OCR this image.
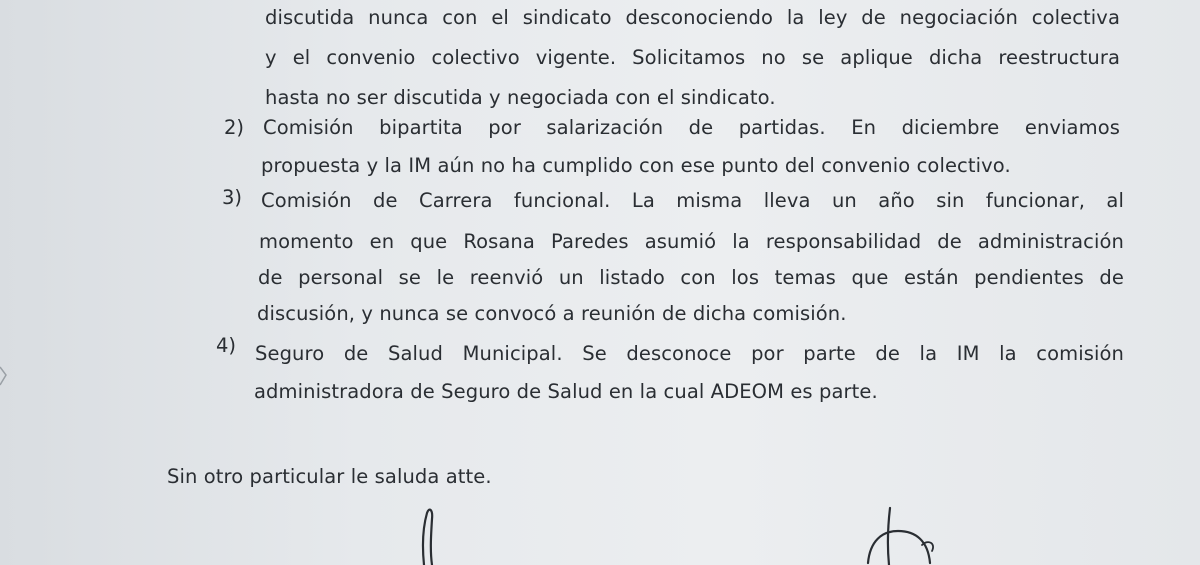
discutida nunca con el sindicato desconociendo la ley de negociación colectiva
y el convenio colectivo vigente. Solicitamos no se aplique dicha reestructura
hasta no ser discutida y negociada con el sindicato.
2) Comisión bipartita por salarización de partidas. En diciembre enviamos
propuesta y la IM aún no ha cumplido con ese punto del convenio colectivo.
3) Comisión de Carrera funcional. La misma lleva un año sin funcionar, al
momento en que Rosana Paredes asumió la responsabilidad de administración
de personal se le reenvió un listado con los temas que están pendientes de
discusión, y nunca se convocó a reunión de dicha comisión.
4) Seguro de Salud Municipal. Se desconoce por parte de la IM la comisión
administradora de Seguro de Salud en la cual ADEOM es parte.
Sin otro particular le saluda atte.
